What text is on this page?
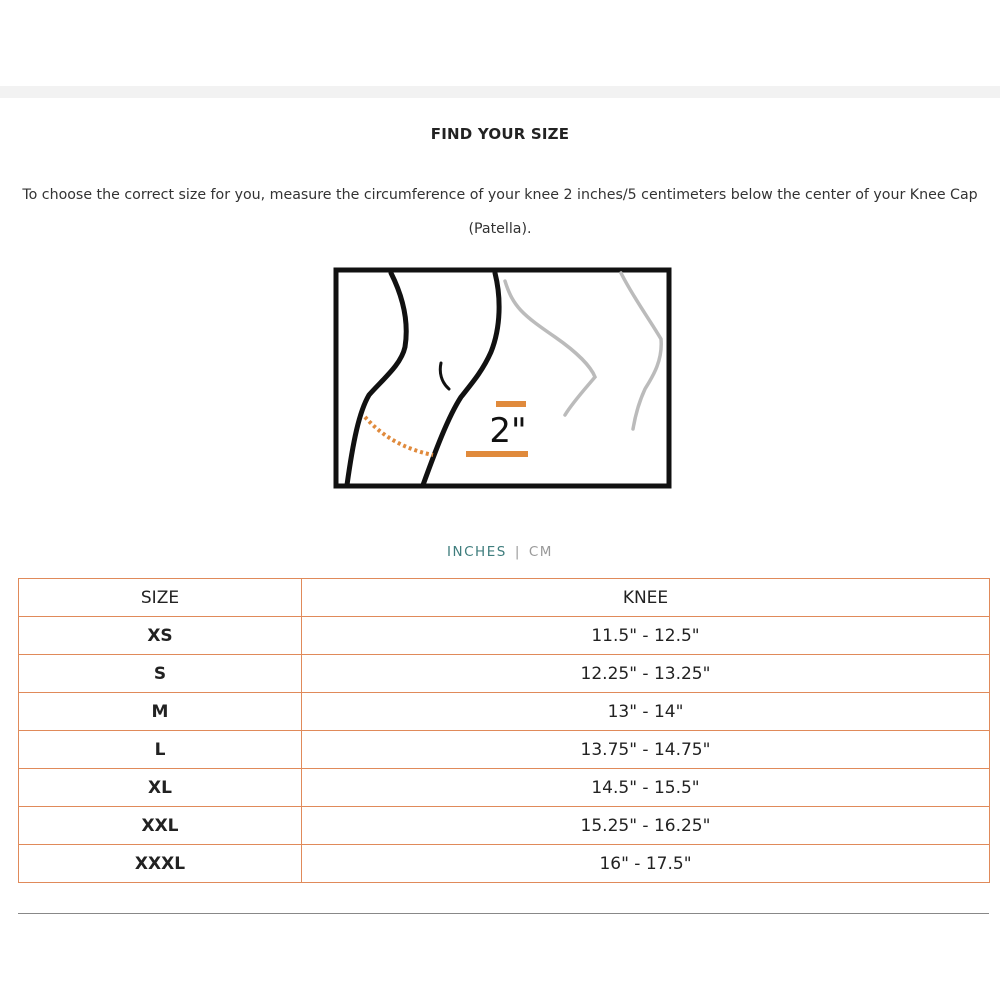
FIND YOUR SIZE
To choose the correct size for you, measure the circumference of your knee 2 inches/5 centimeters below the center of your Knee Cap (Patella).
2"
INCHES | CM
SIZE	KNEE
XS	11.5" - 12.5"
S	12.25" - 13.25"
M	13" - 14"
L	13.75" - 14.75"
XL	14.5" - 15.5"
XXL	15.25" - 16.25"
XXXL	16" - 17.5"
